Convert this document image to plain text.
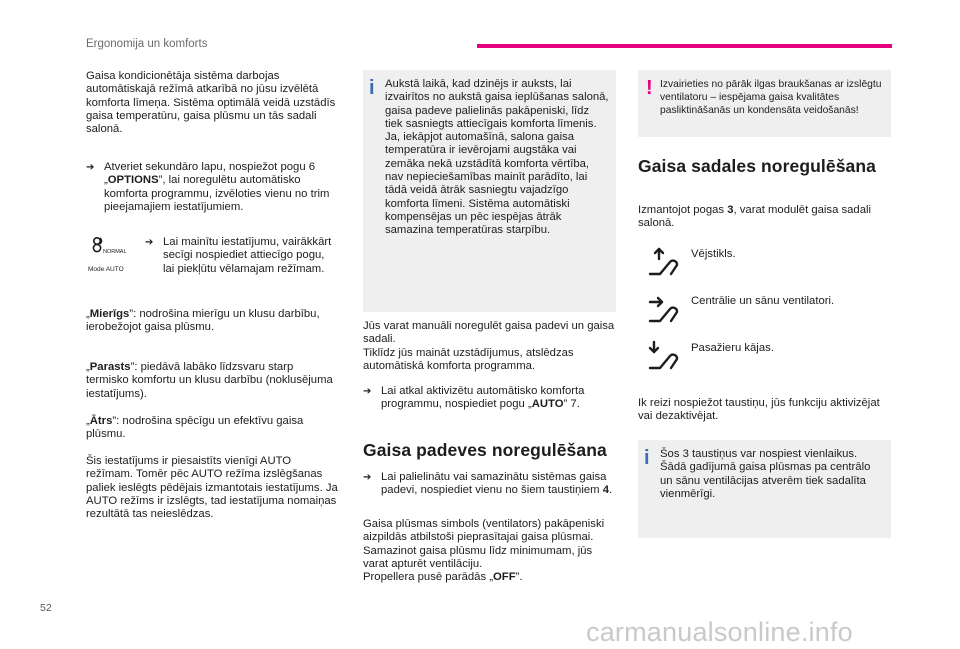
Ergonomija un komforts

Gaisa kondicionētāja sistēma darbojas automātiskajā režīmā atkarībā no jūsu izvēlētā komforta līmeņa. Sistēma optimālā veidā uzstādīs gaisa temperatūru, gaisa plūsmu un tās sadali salonā.

➔ Atveriet sekundāro lapu, nospiežot pogu 6 „OPTIONS”, lai noregulētu automātisko komforta programmu, izvēloties vienu no trim pieejamajiem iestatījumiem.
NORMAL
Mode AUTO
➔ Lai mainītu iestatījumu, vairākkārt secīgi nospiediet attiecīgo pogu, lai piekļūtu vēlamajam režīmam.

„Mierīgs”: nodrošina mierīgu un klusu darbību, ierobežojot gaisa plūsmu.

„Parasts”: piedāvā labāko līdzsvaru starp termisko komfortu un klusu darbību (noklusējuma iestatījums).

„Ātrs”: nodrošina spēcīgu un efektīvu gaisa plūsmu.

Šis iestatījums ir piesaistīts vienīgi AUTO režīmam. Tomēr pēc AUTO režīma izslēgšanas paliek ieslēgts pēdējais izmantotais iestatījums. Ja AUTO režīms ir izslēgts, tad iestatījuma nomaiņas rezultātā tas neieslēdzas.

i Aukstā laikā, kad dzinējs ir auksts, lai izvairītos no aukstā gaisa ieplūšanas salonā, gaisa padeve palielinās pakāpeniski, līdz tiek sasniegts attiecīgais komforta līmenis.

Ja, iekāpjot automašīnā, salona gaisa temperatūra ir ievērojami augstāka vai zemāka nekā uzstādītā komforta vērtība, nav nepieciešamības mainīt parādīto, lai tādā veidā ātrāk sasniegtu vajadzīgo komforta līmeni. Sistēma automātiski kompensējas un pēc iespējas ātrāk samazina temperatūras starpību.

Jūs varat manuāli noregulēt gaisa padevi un gaisa sadali.

Tiklīdz jūs maināt uzstādījumus, atslēdzas automātiskā komforta programma.

➔ Lai atkal aktivizētu automātisko komforta programmu, nospiediet pogu „AUTO” 7.
Gaisa padeves noregulēšana
➔ Lai palielinātu vai samazinātu sistēmas gaisa padevi, nospiediet vienu no šiem taustiņiem 4.

Gaisa plūsmas simbols (ventilators) pakāpeniski aizpildās atbilstoši pieprasītajai gaisa plūsmai.

Samazinot gaisa plūsmu līdz minimumam, jūs varat apturēt ventilāciju.

Propellera pusē parādās „OFF”.

! Izvairieties no pārāk ilgas braukšanas ar izslēgtu ventilatoru – iespējama gaisa kvalitātes pasliktināšanās un kondensāta veidošanās!

Gaisa sadales noregulēšana

Izmantojot pogas 3, varat modulēt gaisa sadali salonā.

Vējstikls.
Centrālie un sānu ventilatori.
Pasažieru kājas.

Ik reizi nospiežot taustiņu, jūs funkciju aktivizējat vai dezaktivējat.

i Šos 3 taustiņus var nospiest vienlaikus. Šādā gadījumā gaisa plūsmas pa centrālo un sānu ventilācijas atverēm tiek sadalīta vienmērīgi.

52
carmanualsonline.info
